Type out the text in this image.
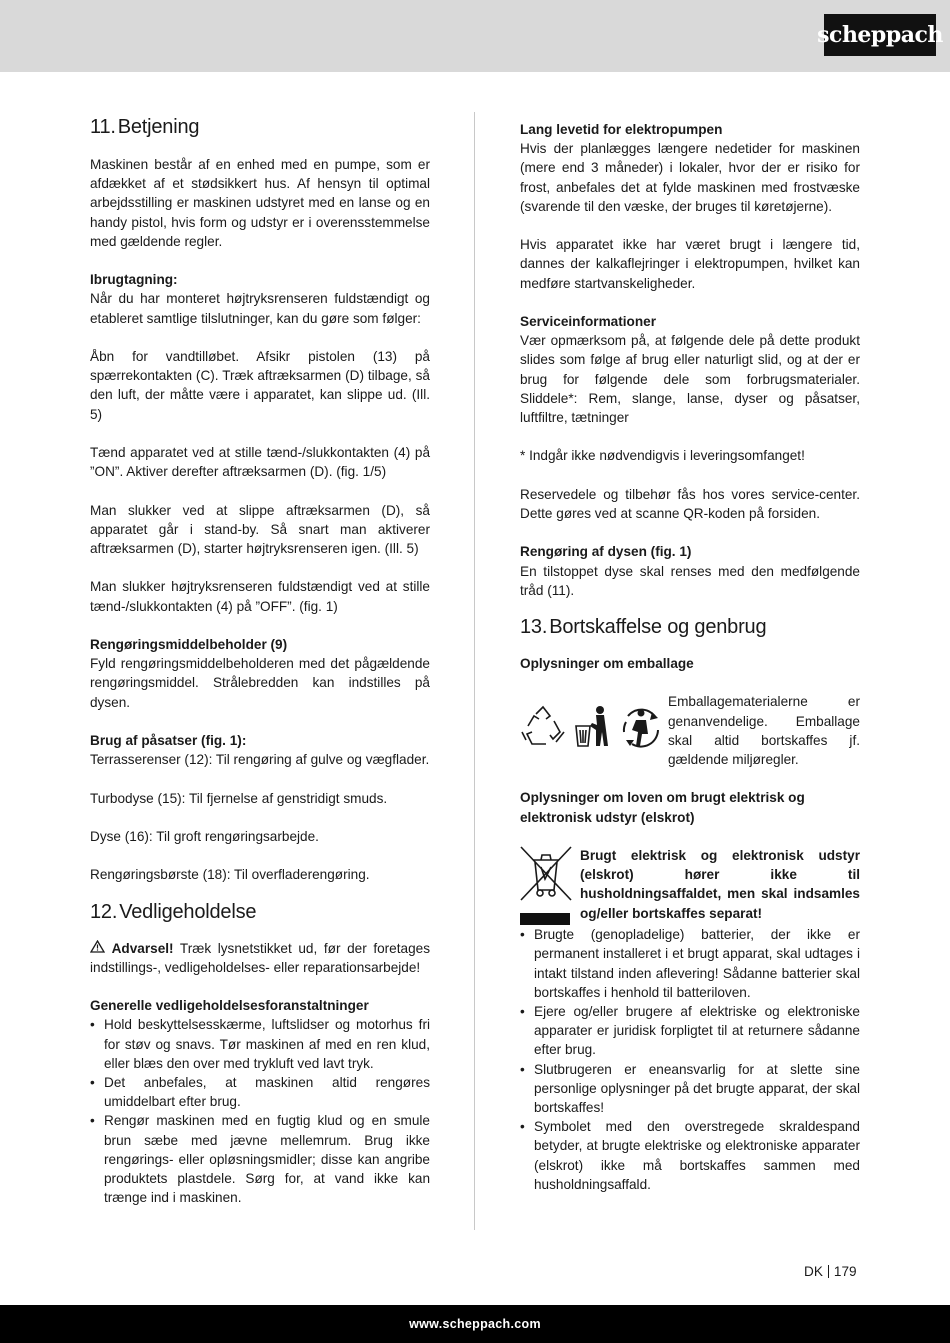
scheppach
11. Betjening

Maskinen består af en enhed med en pumpe, som er afdækket af et stødsikkert hus. Af hensyn til optimal arbejdsstilling er maskinen udstyret med en lanse og en handy pistol, hvis form og udstyr er i overensstemmelse med gældende regler.

Ibrugtagning:

Når du har monteret højtryksrenseren fuldstændigt og etableret samtlige tilslutninger, kan du gøre som følger:

Åbn for vandtilløbet. Afsikr pistolen (13) på spærrekontakten (C). Træk aftræksarmen (D) tilbage, så den luft, der måtte være i apparatet, kan slippe ud. (Ill. 5)

Tænd apparatet ved at stille tænd-/slukkontakten (4) på ”ON”. Aktiver derefter aftræksarmen (D). (fig. 1/5)

Man slukker ved at slippe aftræksarmen (D), så apparatet går i stand-by. Så snart man aktiverer aftræksarmen (D), starter højtryksrenseren igen. (Ill. 5)

Man slukker højtryksrenseren fuldstændigt ved at stille tænd-/slukkontakten (4) på ”OFF”. (fig. 1)

Rengøringsmiddelbeholder (9)

Fyld rengøringsmiddelbeholderen med det pågældende rengøringsmiddel. Strålebredden kan indstilles på dysen.

Brug af påsatser (fig. 1):

Terrasserenser (12): Til rengøring af gulve og vægflader.

Turbodyse (15): Til fjernelse af genstridigt smuds.

Dyse (16): Til groft rengøringsarbejde.

Rengøringsbørste (18): Til overfladerengøring.

12. Vedligeholdelse

Advarsel! Træk lysnetstikket ud, før der foretages indstillings-, vedligeholdelses- eller reparationsarbejde!

Generelle vedligeholdelsesforanstaltninger
• Hold beskyttelsesskærme, luftslidser og motorhus fri for støv og snavs. Tør maskinen af med en ren klud, eller blæs den over med trykluft ved lavt tryk.
• Det anbefales, at maskinen altid rengøres umiddelbart efter brug.
• Rengør maskinen med en fugtig klud og en smule brun sæbe med jævne mellemrum. Brug ikke rengørings- eller opløsningsmidler; disse kan angribe produktets plastdele. Sørg for, at vand ikke kan trænge ind i maskinen.
Lang levetid for elektropumpen

Hvis der planlægges længere nedetider for maskinen (mere end 3 måneder) i lokaler, hvor der er risiko for frost, anbefales det at fylde maskinen med frostvæske (svarende til den væske, der bruges til køretøjerne).

Hvis apparatet ikke har været brugt i længere tid, dannes der kalkaflejringer i elektropumpen, hvilket kan medføre startvanskeligheder.

Serviceinformationer

Vær opmærksom på, at følgende dele på dette produkt slides som følge af brug eller naturligt slid, og at der er brug for følgende dele som forbrugsmaterialer. Sliddele*: Rem, slange, lanse, dyser og påsatser, luftfiltre, tætninger

* Indgår ikke nødvendigvis i leveringsomfanget!

Reservedele og tilbehør fås hos vores service-center. Dette gøres ved at scanne QR-koden på forsiden.

Rengøring af dysen (fig. 1)

En tilstoppet dyse skal renses med den medfølgende tråd (11).

13. Bortskaffelse og genbrug
Oplysninger om emballage

Emballagematerialerne er genanvendelige. Emballage skal altid bortskaffes jf. gældende miljøregler.

Oplysninger om loven om brugt elektrisk og elektronisk udstyr (elskrot)
Brugt elektrisk og elektronisk udstyr (elskrot) hører ikke til husholdningsaffaldet, men skal indsamles og/eller bortskaffes separat!
• Brugte (genopladelige) batterier, der ikke er permanent installeret i et brugt apparat, skal udtages i intakt tilstand inden aflevering! Sådanne batterier skal bortskaffes i henhold til batteriloven.
• Ejere og/eller brugere af elektriske og elektroniske apparater er juridisk forpligtet til at returnere sådanne efter brug.
• Slutbrugeren er eneansvarlig for at slette sine personlige oplysninger på det brugte apparat, der skal bortskaffes!
• Symbolet med den overstregede skraldespand betyder, at brugte elektriske og elektroniske apparater (elskrot) ikke må bortskaffes sammen med husholdningsaffald.
DK 179
www.scheppach.com
